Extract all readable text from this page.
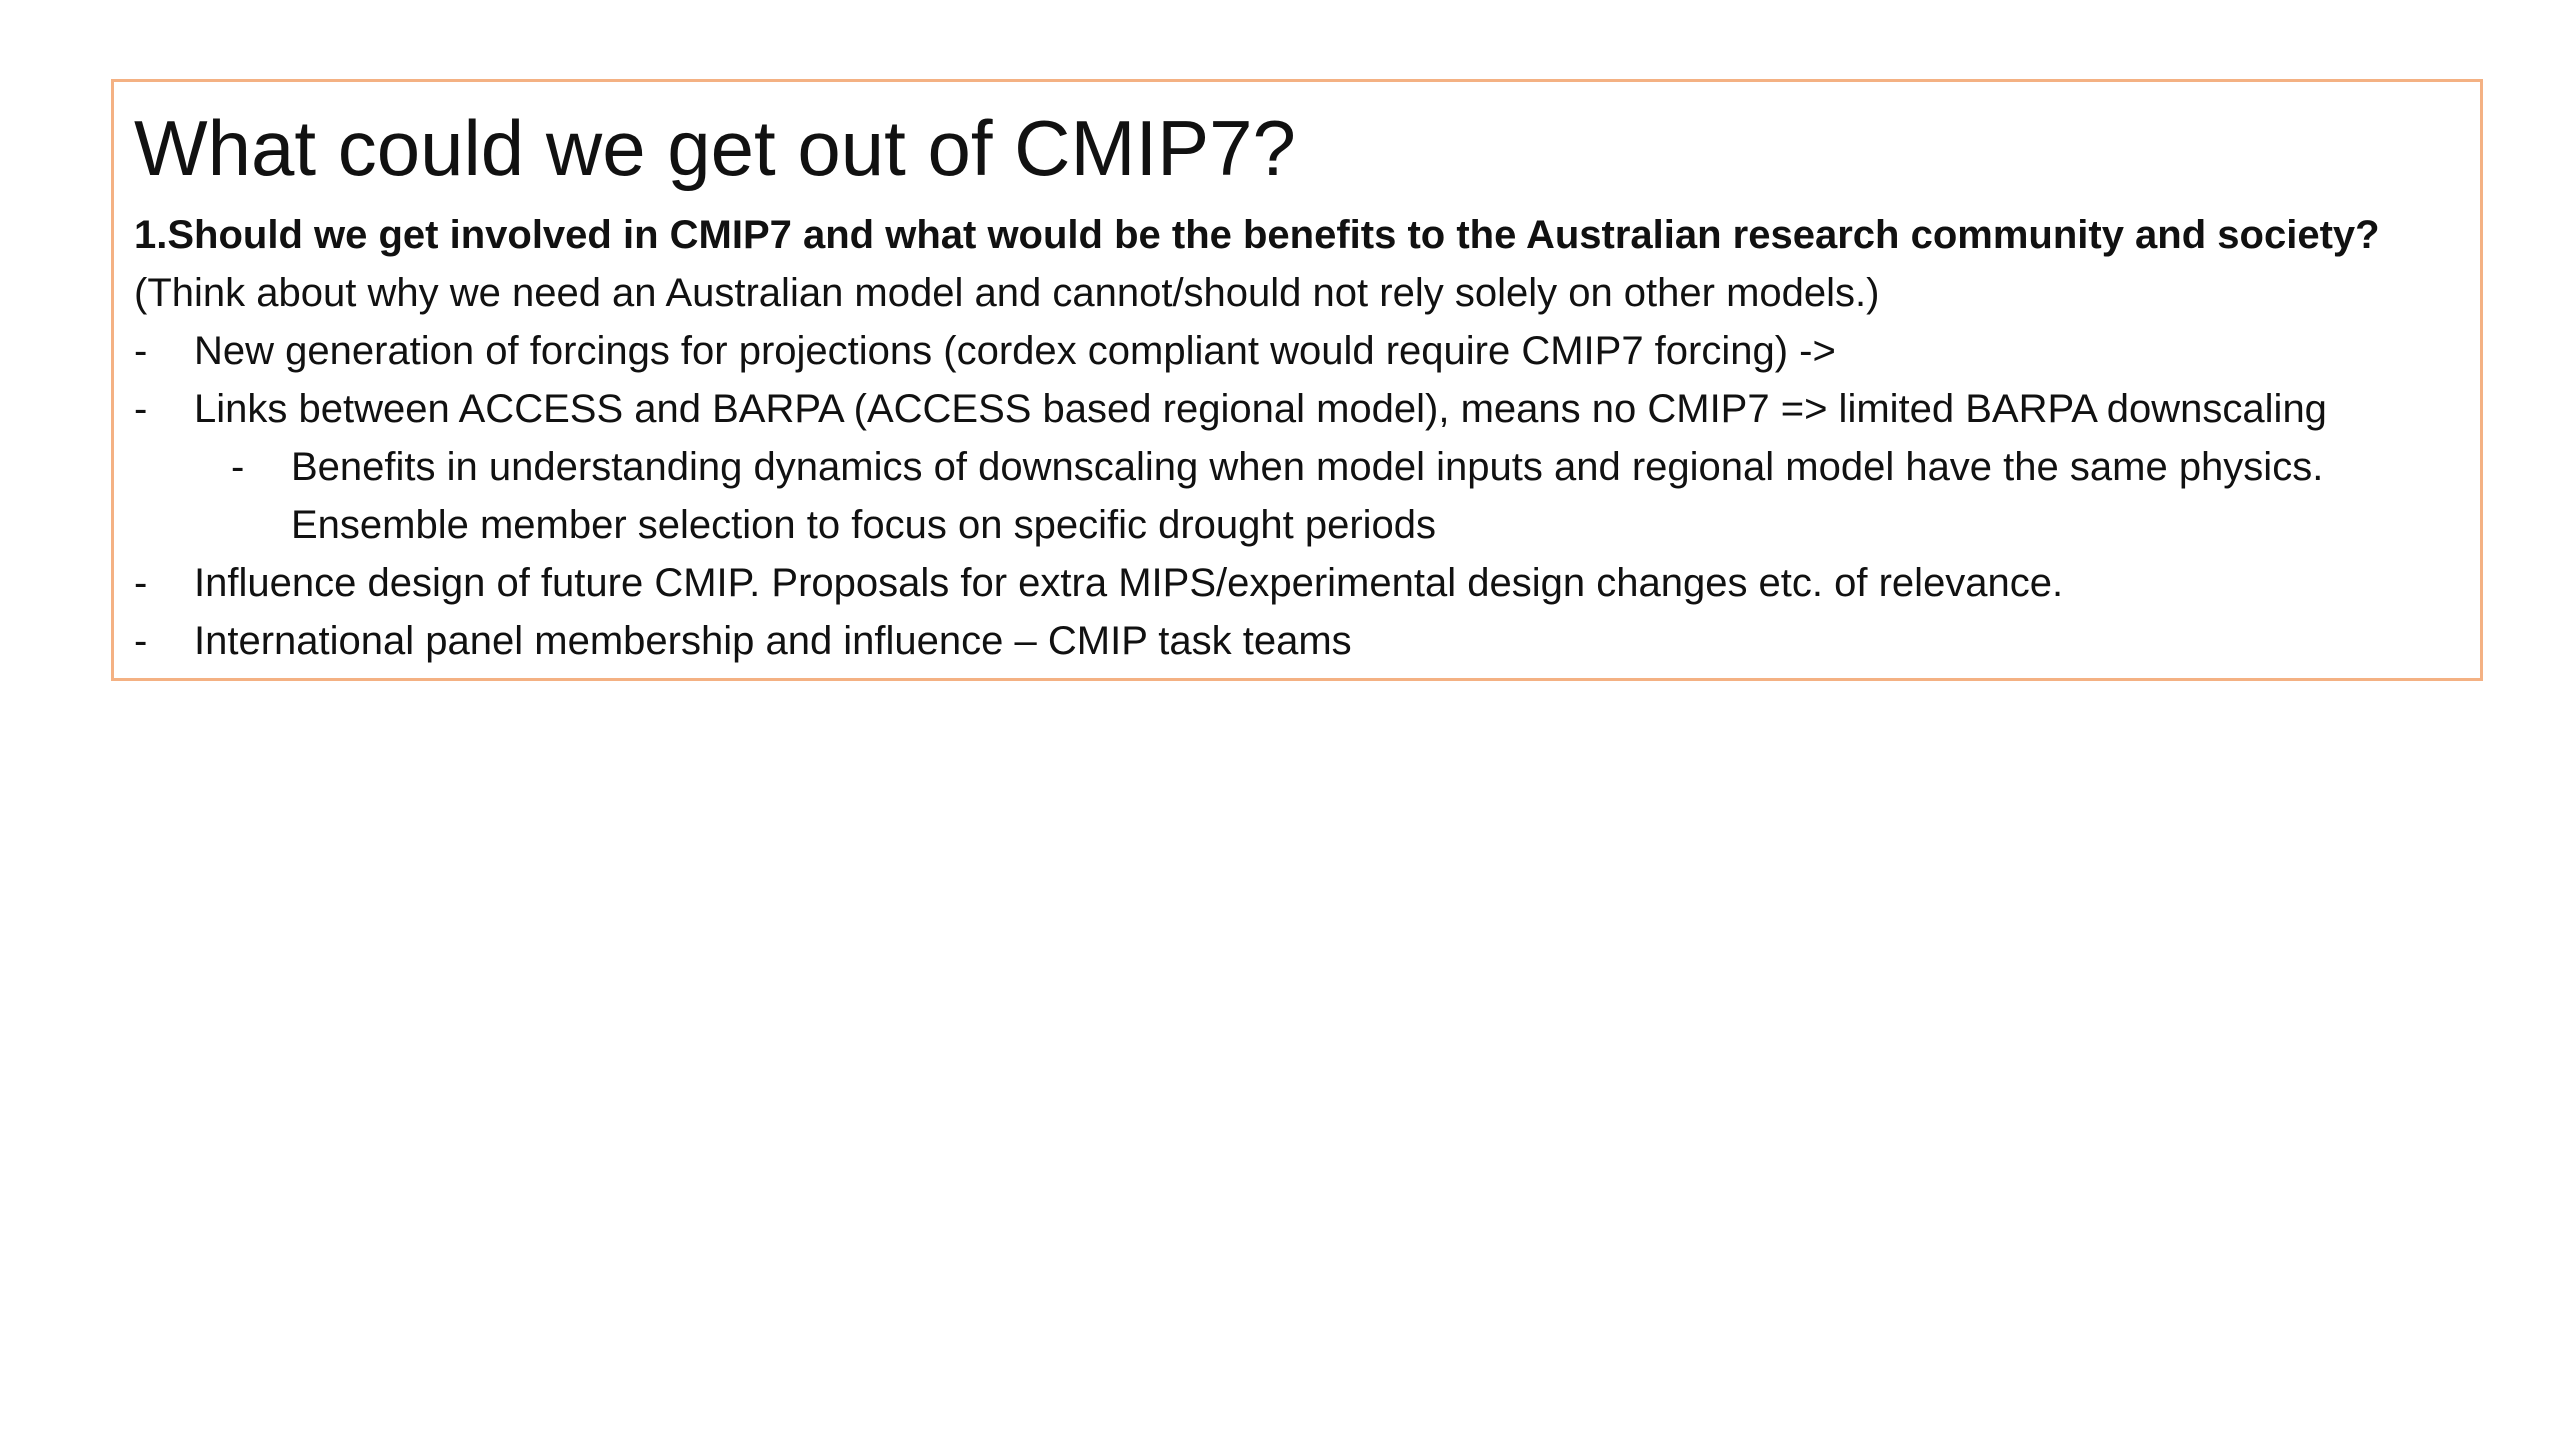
What could we get out of CMIP7?
1.Should we get involved in CMIP7 and what would be the benefits to the Australian research community and society? (Think about why we need an Australian model and cannot/should not rely solely on other models.)
-	New generation of forcings for projections (cordex compliant would require CMIP7 forcing) ->
-	Links between ACCESS and BARPA (ACCESS based regional model), means no CMIP7 => limited BARPA downscaling
-	Benefits in understanding dynamics of downscaling when model inputs and regional model have the same physics. Ensemble member selection to focus on specific drought periods
-	Influence design of future CMIP. Proposals for extra MIPS/experimental design changes etc. of relevance.
-	International panel membership and influence – CMIP task teams
